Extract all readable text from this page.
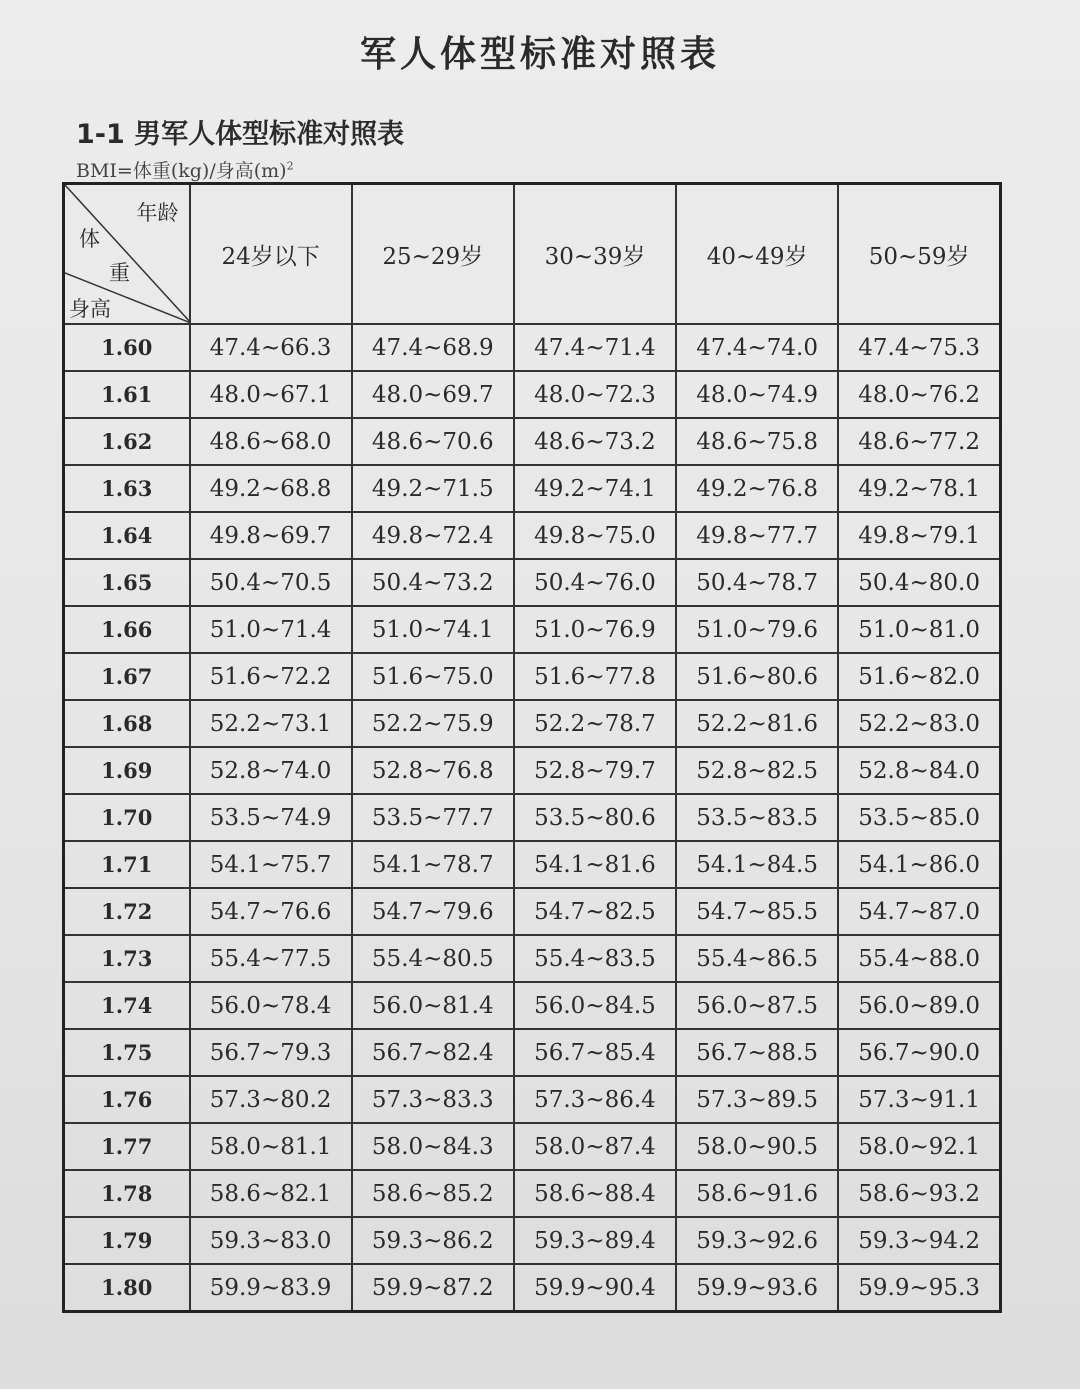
军人体型标准对照表
1-1 男军人体型标准对照表
BMI=体重(kg)/身高$(m)^2$
年龄
体
重
身高	24岁以下	25~29岁	30~39岁	40~49岁	50~59岁
1.60	47.4~66.3	47.4~68.9	47.4~71.4	47.4~74.0	47.4~75.3
1.61	48.0~67.1	48.0~69.7	48.0~72.3	48.0~74.9	48.0~76.2
1.62	48.6~68.0	48.6~70.6	48.6~73.2	48.6~75.8	48.6~77.2
1.63	49.2~68.8	49.2~71.5	49.2~74.1	49.2~76.8	49.2~78.1
1.64	49.8~69.7	49.8~72.4	49.8~75.0	49.8~77.7	49.8~79.1
1.65	50.4~70.5	50.4~73.2	50.4~76.0	50.4~78.7	50.4~80.0
1.66	51.0~71.4	51.0~74.1	51.0~76.9	51.0~79.6	51.0~81.0
1.67	51.6~72.2	51.6~75.0	51.6~77.8	51.6~80.6	51.6~82.0
1.68	52.2~73.1	52.2~75.9	52.2~78.7	52.2~81.6	52.2~83.0
1.69	52.8~74.0	52.8~76.8	52.8~79.7	52.8~82.5	52.8~84.0
1.70	53.5~74.9	53.5~77.7	53.5~80.6	53.5~83.5	53.5~85.0
1.71	54.1~75.7	54.1~78.7	54.1~81.6	54.1~84.5	54.1~86.0
1.72	54.7~76.6	54.7~79.6	54.7~82.5	54.7~85.5	54.7~87.0
1.73	55.4~77.5	55.4~80.5	55.4~83.5	55.4~86.5	55.4~88.0
1.74	56.0~78.4	56.0~81.4	56.0~84.5	56.0~87.5	56.0~89.0
1.75	56.7~79.3	56.7~82.4	56.7~85.4	56.7~88.5	56.7~90.0
1.76	57.3~80.2	57.3~83.3	57.3~86.4	57.3~89.5	57.3~91.1
1.77	58.0~81.1	58.0~84.3	58.0~87.4	58.0~90.5	58.0~92.1
1.78	58.6~82.1	58.6~85.2	58.6~88.4	58.6~91.6	58.6~93.2
1.79	59.3~83.0	59.3~86.2	59.3~89.4	59.3~92.6	59.3~94.2
1.80	59.9~83.9	59.9~87.2	59.9~90.4	59.9~93.6	59.9~95.3
